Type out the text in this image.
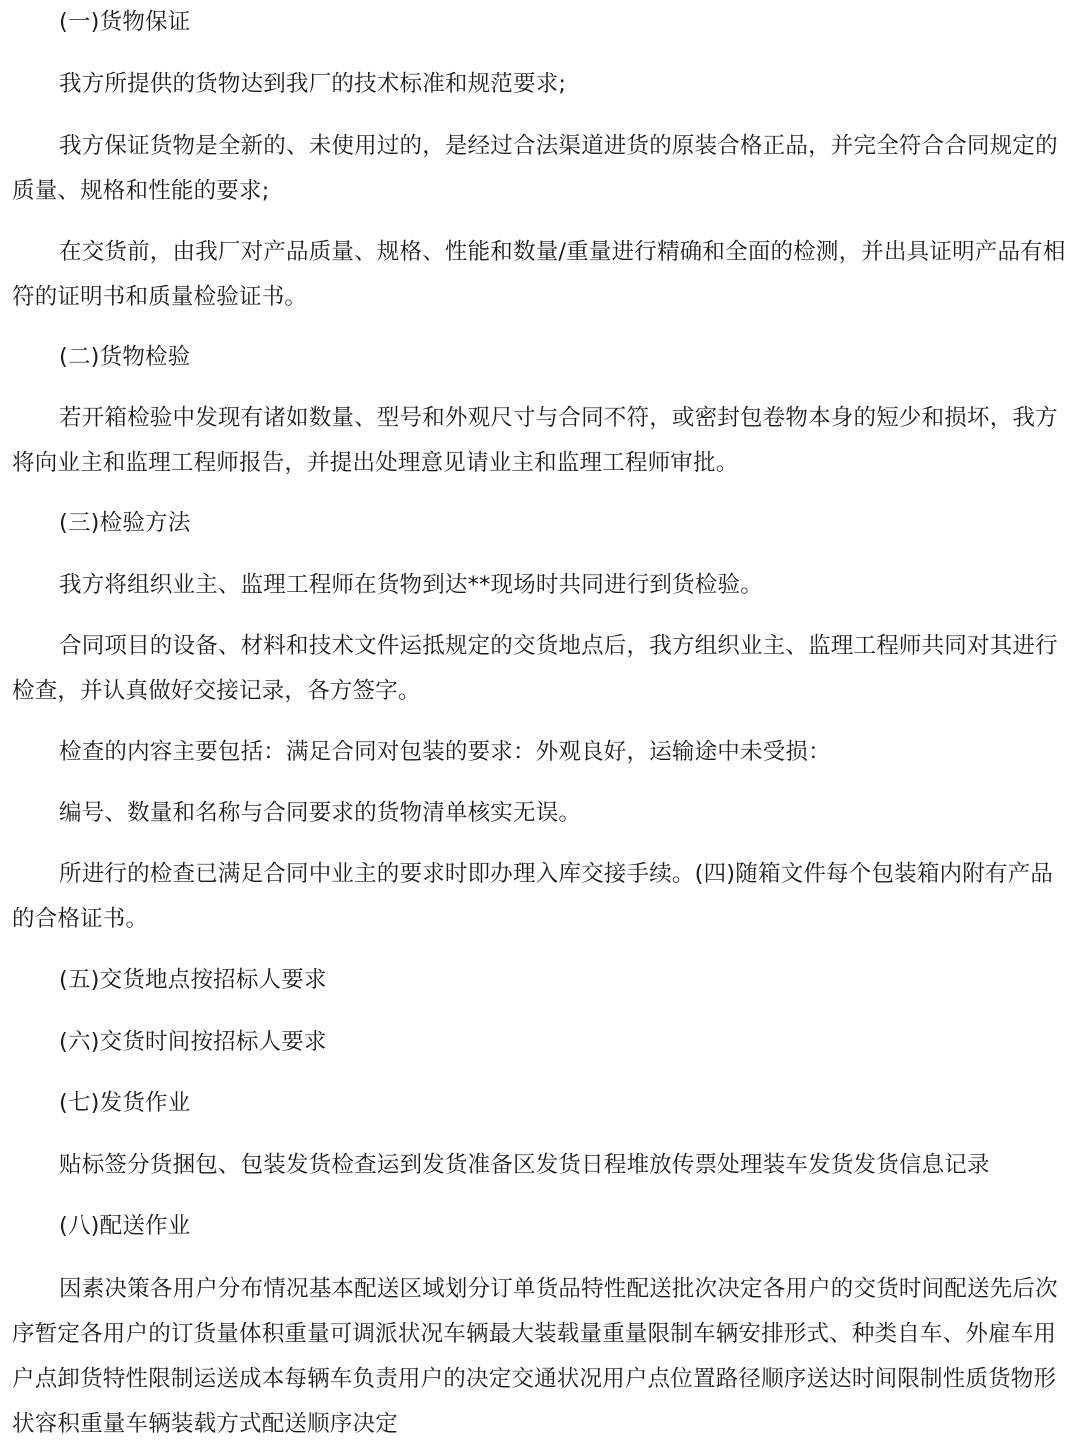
(一)货物保证

我方所提供的货物达到我厂的技术标准和规范要求;

我方保证货物是全新的、未使用过的，是经过合法渠道进货的原装合格正品，并完全符合合同规定的质量、规格和性能的要求;

在交货前，由我厂对产品质量、规格、性能和数量/重量进行精确和全面的检测，并出具证明产品有相符的证明书和质量检验证书。

(二)货物检验

若开箱检验中发现有诸如数量、型号和外观尺寸与合同不符，或密封包卷物本身的短少和损坏，我方将向业主和监理工程师报告，并提出处理意见请业主和监理工程师审批。

(三)检验方法

我方将组织业主、监理工程师在货物到达**现场时共同进行到货检验。

合同项目的设备、材料和技术文件运抵规定的交货地点后，我方组织业主、监理工程师共同对其进行检查，并认真做好交接记录，各方签字。

检查的内容主要包括：满足合同对包装的要求：外观良好，运输途中未受损：

编号、数量和名称与合同要求的货物清单核实无误。

所进行的检查已满足合同中业主的要求时即办理入库交接手续。(四)随箱文件每个包装箱内附有产品的合格证书。

(五)交货地点按招标人要求

(六)交货时间按招标人要求

(七)发货作业

贴标签分货捆包、包装发货检查运到发货准备区发货日程堆放传票处理装车发货发货信息记录

(八)配送作业

因素决策各用户分布情况基本配送区域划分订单货品特性配送批次决定各用户的交货时间配送先后次序暂定各用户的订货量体积重量可调派状况车辆最大装载量重量限制车辆安排形式、种类自车、外雇车用户点卸货特性限制运送成本每辆车负责用户的决定交通状况用户点位置路径顺序送达时间限制性质货物形状容积重量车辆装载方式配送顺序决定
